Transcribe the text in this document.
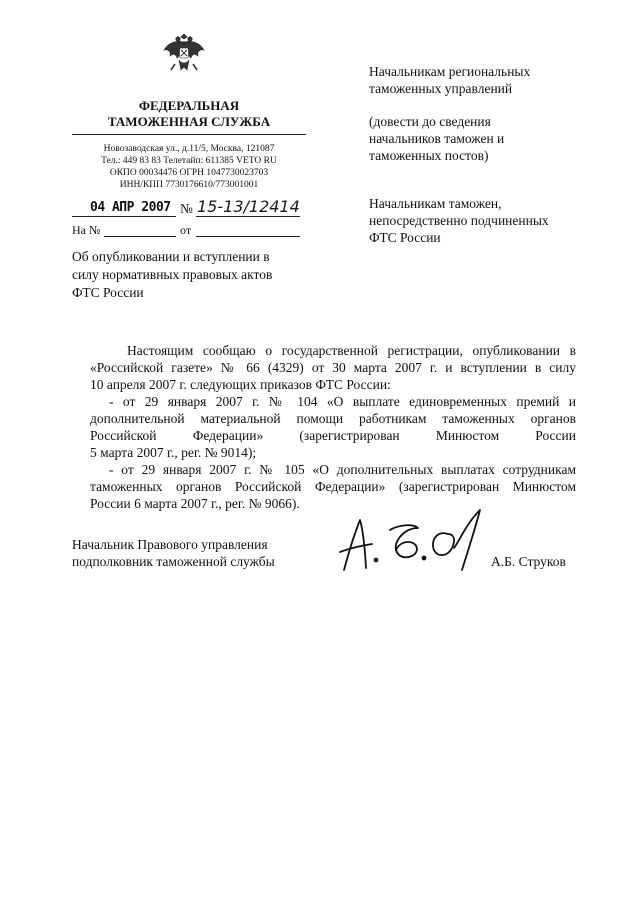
ФЕДЕРАЛЬНАЯ
ТАМОЖЕННАЯ СЛУЖБА
Новозаводская ул., д.11/5, Москва, 121087
Тел.: 449 83 83 Телетайп: 611385 VETO RU
ОКПО 00034476 ОГРН 1047730023703
ИНН/КПП 7730176610/773001001
04 АПР 2007 № 15-13/12414
На №	от
Об опубликовании и вступлении в
силу нормативных правовых актов
ФТС России
Начальникам региональных
таможенных управлений
(довести до сведения
начальников таможен и
таможенных постов)
Начальникам таможен,
непосредственно подчиненных
ФТС России
Настоящим сообщаю о государственной регистрации, опубликовании в
«Российской газете» № 66 (4329) от 30 марта 2007 г. и вступлении в силу
10 апреля 2007 г. следующих приказов ФТС России:
- от 29 января 2007 г. № 104 «О выплате единовременных премий и
дополнительной материальной помощи работникам таможенных органов
Российской Федерации» (зарегистрирован Минюстом России
5 марта 2007 г., рег. № 9014);
- от 29 января 2007 г. № 105 «О дополнительных выплатах сотрудникам
таможенных органов Российской Федерации» (зарегистрирован Минюстом
России 6 марта 2007 г., рег. № 9066).
Начальник Правового управления
подполковник таможенной службы	А.Б. Струков
